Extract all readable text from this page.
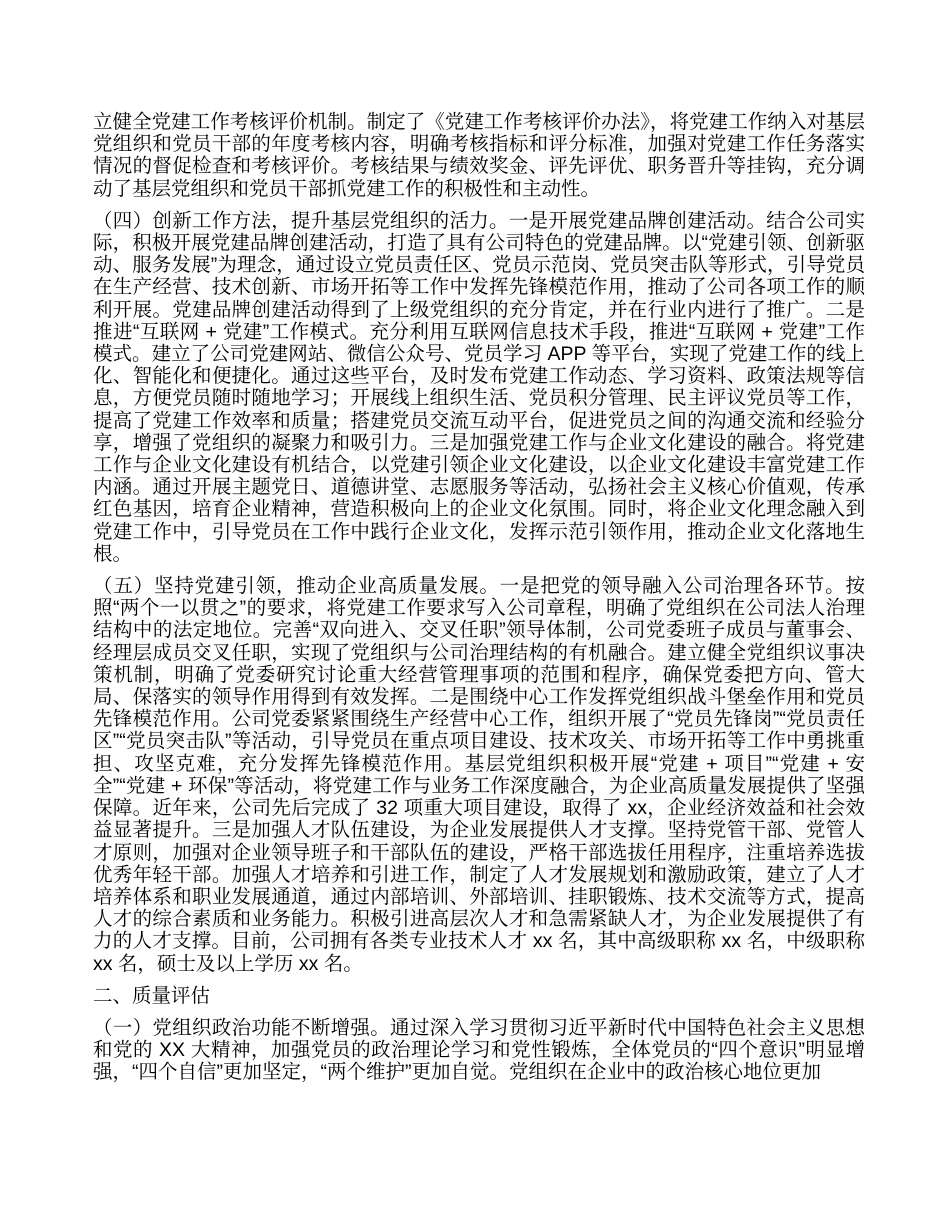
立健全党建工作考核评价机制。制定了《党建工作考核评价办法》，将党建工作纳入对基层党组织和党员干部的年度考核内容，明确考核指标和评分标准，加强对党建工作任务落实情况的督促检查和考核评价。考核结果与绩效奖金、评先评优、职务晋升等挂钩，充分调动了基层党组织和党员干部抓党建工作的积极性和主动性。

（四）创新工作方法，提升基层党组织的活力。一是开展党建品牌创建活动。结合公司实际，积极开展党建品牌创建活动，打造了具有公司特色的党建品牌。以“党建引领、创新驱动、服务发展”为理念，通过设立党员责任区、党员示范岗、党员突击队等形式，引导党员在生产经营、技术创新、市场开拓等工作中发挥先锋模范作用，推动了公司各项工作的顺利开展。党建品牌创建活动得到了上级党组织的充分肯定，并在行业内进行了推广。二是推进“互联网 + 党建”工作模式。充分利用互联网信息技术手段，推进“互联网 + 党建”工作模式。建立了公司党建网站、微信公众号、党员学习 APP 等平台，实现了党建工作的线上化、智能化和便捷化。通过这些平台，及时发布党建工作动态、学习资料、政策法规等信息，方便党员随时随地学习；开展线上组织生活、党员积分管理、民主评议党员等工作，提高了党建工作效率和质量；搭建党员交流互动平台，促进党员之间的沟通交流和经验分享，增强了党组织的凝聚力和吸引力。三是加强党建工作与企业文化建设的融合。将党建工作与企业文化建设有机结合，以党建引领企业文化建设，以企业文化建设丰富党建工作内涵。通过开展主题党日、道德讲堂、志愿服务等活动，弘扬社会主义核心价值观，传承红色基因，培育企业精神，营造积极向上的企业文化氛围。同时，将企业文化理念融入到党建工作中，引导党员在工作中践行企业文化，发挥示范引领作用，推动企业文化落地生根。

（五）坚持党建引领，推动企业高质量发展。一是把党的领导融入公司治理各环节。按照“两个一以贯之”的要求，将党建工作要求写入公司章程，明确了党组织在公司法人治理结构中的法定地位。完善“双向进入、交叉任职”领导体制，公司党委班子成员与董事会、经理层成员交叉任职，实现了党组织与公司治理结构的有机融合。建立健全党组织议事决策机制，明确了党委研究讨论重大经营管理事项的范围和程序，确保党委把方向、管大局、保落实的领导作用得到有效发挥。二是围绕中心工作发挥党组织战斗堡垒作用和党员先锋模范作用。公司党委紧紧围绕生产经营中心工作，组织开展了“党员先锋岗”“党员责任区”“党员突击队”等活动，引导党员在重点项目建设、技术攻关、市场开拓等工作中勇挑重担、攻坚克难，充分发挥先锋模范作用。基层党组织积极开展“党建 + 项目”“党建 + 安全”“党建 + 环保”等活动，将党建工作与业务工作深度融合，为企业高质量发展提供了坚强保障。近年来，公司先后完成了 32 项重大项目建设，取得了 xx，企业经济效益和社会效益显著提升。三是加强人才队伍建设，为企业发展提供人才支撑。坚持党管干部、党管人才原则，加强对企业领导班子和干部队伍的建设，严格干部选拔任用程序，注重培养选拔优秀年轻干部。加强人才培养和引进工作，制定了人才发展规划和激励政策，建立了人才培养体系和职业发展通道，通过内部培训、外部培训、挂职锻炼、技术交流等方式，提高人才的综合素质和业务能力。积极引进高层次人才和急需紧缺人才，为企业发展提供了有力的人才支撑。目前，公司拥有各类专业技术人才 xx 名，其中高级职称 xx 名，中级职称 xx 名，硕士及以上学历 xx 名。

二、质量评估

（一）党组织政治功能不断增强。通过深入学习贯彻习近平新时代中国特色社会主义思想和党的 XX 大精神，加强党员的政治理论学习和党性锻炼，全体党员的“四个意识”明显增强，“四个自信”更加坚定，“两个维护”更加自觉。党组织在企业中的政治核心地位更加
